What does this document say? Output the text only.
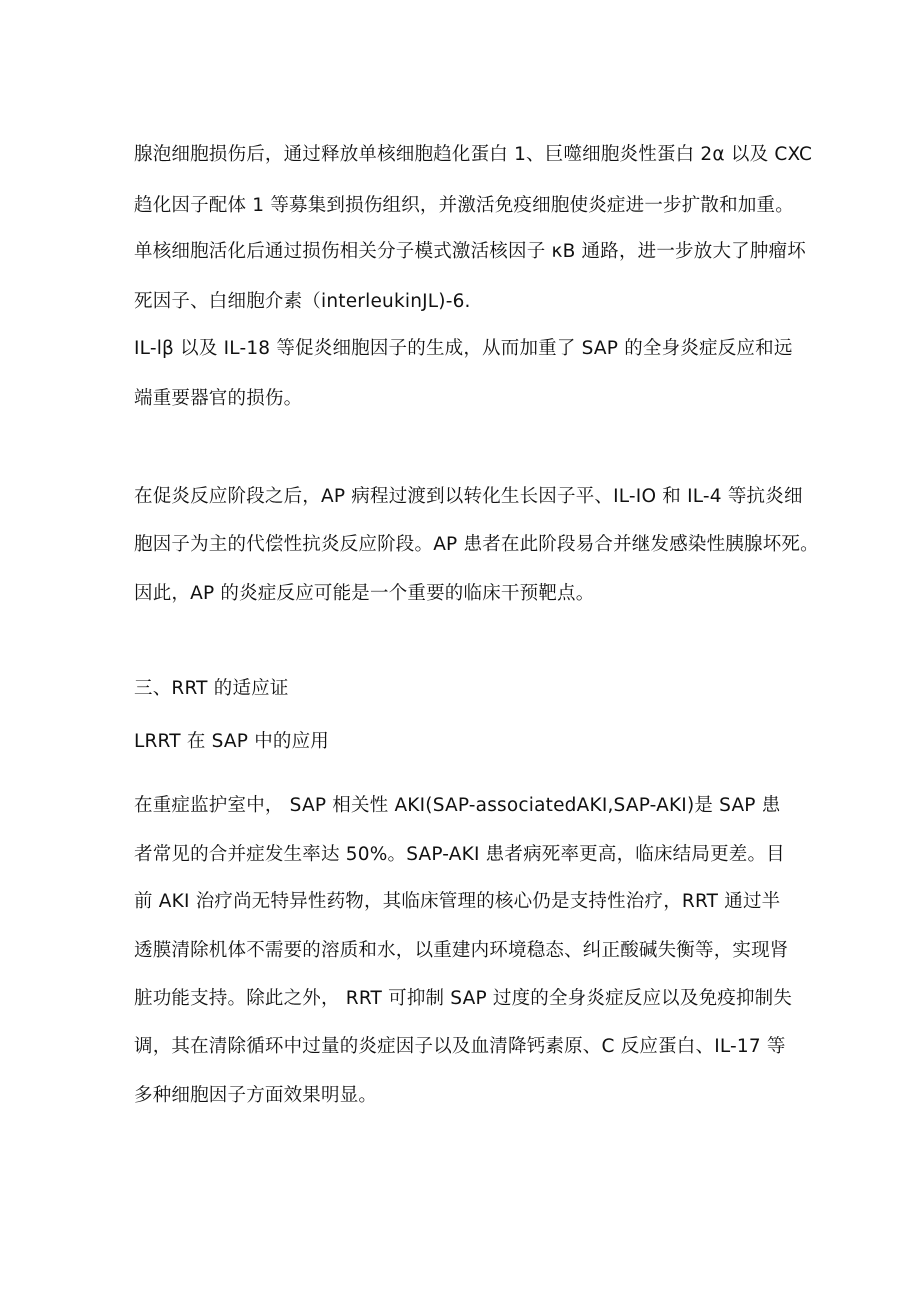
腺泡细胞损伤后，通过释放单核细胞趋化蛋白 1、巨噬细胞炎性蛋白 2α 以及 CXC
趋化因子配体 1 等募集到损伤组织，并激活免疫细胞使炎症进一步扩散和加重。
单核细胞活化后通过损伤相关分子模式激活核因子 κB 通路，进一步放大了肿瘤坏
死因子、白细胞介素（interleukinJL)-6.
IL-lβ 以及 IL-18 等促炎细胞因子的生成，从而加重了 SAP 的全身炎症反应和远
端重要器官的损伤。
在促炎反应阶段之后，AP 病程过渡到以转化生长因子平、IL-IO 和 IL-4 等抗炎细
胞因子为主的代偿性抗炎反应阶段。AP 患者在此阶段易合并继发感染性胰腺坏死。
因此，AP 的炎症反应可能是一个重要的临床干预靶点。
三、RRT 的适应证
LRRT 在 SAP 中的应用
在重症监护室中， SAP 相关性 AKI(SAP-associatedAKI,SAP-AKI)是 SAP 患
者常见的合并症发生率达 50%。SAP-AKI 患者病死率更高，临床结局更差。目
前 AKI 治疗尚无特异性药物，其临床管理的核心仍是支持性治疗，RRT 通过半
透膜清除机体不需要的溶质和水，以重建内环境稳态、纠正酸碱失衡等，实现肾
脏功能支持。除此之外， RRT 可抑制 SAP 过度的全身炎症反应以及免疫抑制失
调，其在清除循环中过量的炎症因子以及血清降钙素原、C 反应蛋白、IL-17 等
多种细胞因子方面效果明显。
